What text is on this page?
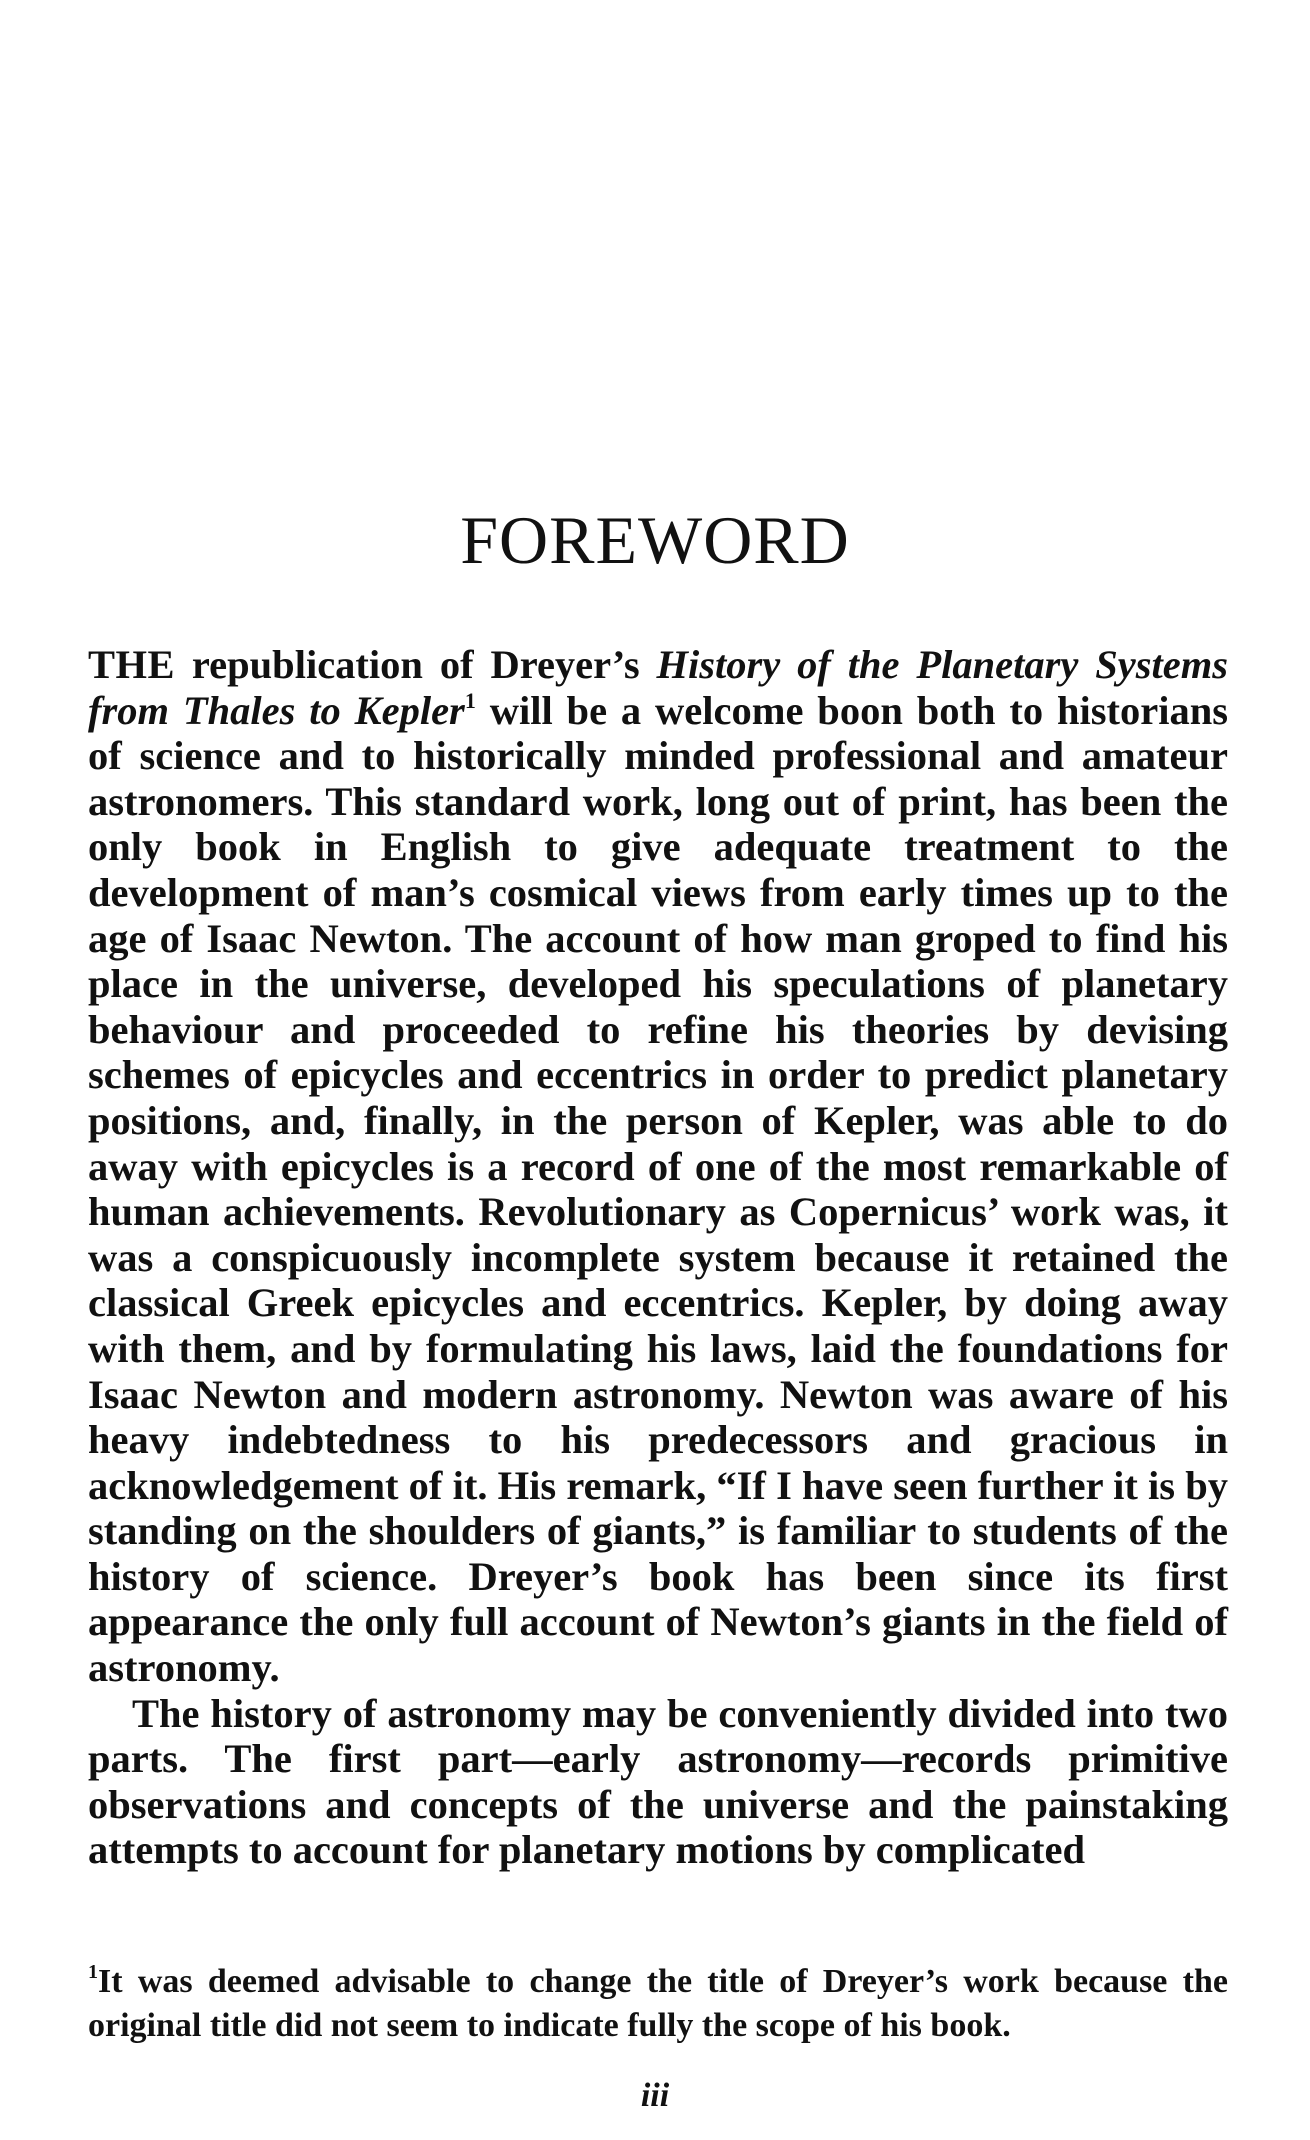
FOREWORD

THE republication of Dreyer’s History of the Planetary Systems from Thales to Kepler$^1$ will be a welcome boon both to historians of science and to historically minded professional and amateur astronomers. This standard work, long out of print, has been the only book in English to give adequate treatment to the development of man’s cosmical views from early times up to the age of Isaac Newton. The account of how man groped to find his place in the universe, developed his speculations of planetary behaviour and proceeded to refine his theories by devising schemes of epicycles and eccentrics in order to predict planetary positions, and, finally, in the person of Kepler, was able to do away with epicycles is a record of one of the most remarkable of human achievements. Revolutionary as Copernicus’ work was, it was a conspicuously incomplete system because it retained the classical Greek epicycles and eccentrics. Kepler, by doing away with them, and by formulating his laws, laid the foundations for Isaac Newton and modern astronomy. Newton was aware of his heavy indebtedness to his predecessors and gracious in acknowledgement of it. His remark, “If I have seen further it is by standing on the shoulders of giants,” is familiar to students of the history of science. Dreyer’s book has been since its first appearance the only full account of Newton’s giants in the field of astronomy.

The history of astronomy may be conveniently divided into two parts. The first part—early astronomy—records primitive observations and concepts of the universe and the painstaking attempts to account for planetary motions by complicated

$^1$It was deemed advisable to change the title of Dreyer’s work because the original title did not seem to indicate fully the scope of his book.

iii
